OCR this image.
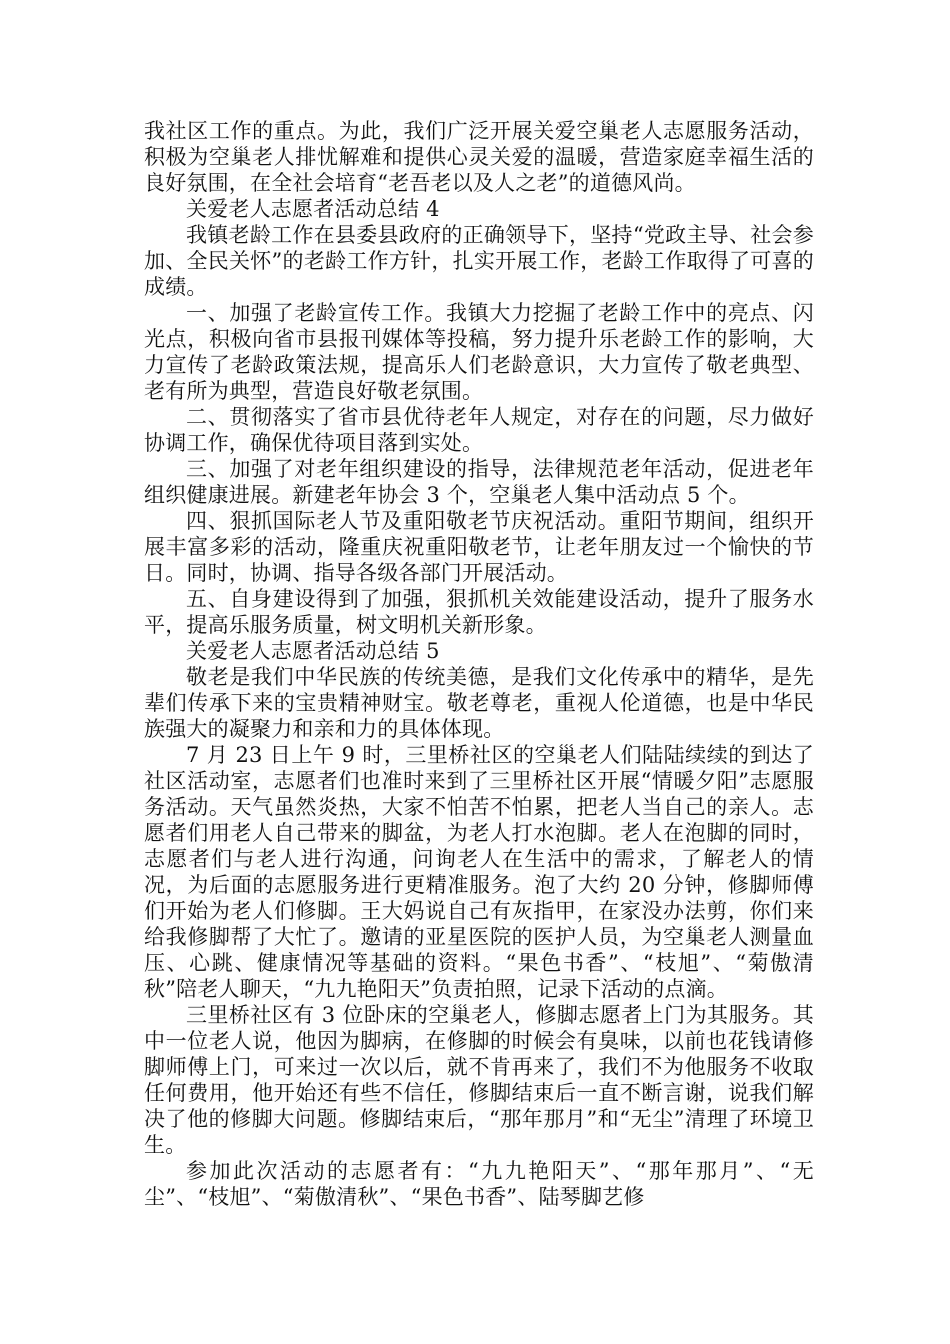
我社区工作的重点。为此，我们广泛开展关爱空巢老人志愿服务活动，积极为空巢老人排忧解难和提供心灵关爱的温暖，营造家庭幸福生活的良好氛围，在全社会培育“老吾老以及人之老”的道德风尚。

关爱老人志愿者活动总结 4

我镇老龄工作在县委县政府的正确领导下，坚持“党政主导、社会参加、全民关怀”的老龄工作方针，扎实开展工作，老龄工作取得了可喜的成绩。

一、加强了老龄宣传工作。我镇大力挖掘了老龄工作中的亮点、闪光点，积极向省市县报刊媒体等投稿，努力提升乐老龄工作的影响，大力宣传了老龄政策法规，提高乐人们老龄意识，大力宣传了敬老典型、老有所为典型，营造良好敬老氛围。

二、贯彻落实了省市县优待老年人规定，对存在的问题，尽力做好协调工作，确保优待项目落到实处。

三、加强了对老年组织建设的指导，法律规范老年活动，促进老年组织健康进展。新建老年协会 3 个，空巢老人集中活动点 5 个。

四、狠抓国际老人节及重阳敬老节庆祝活动。重阳节期间，组织开展丰富多彩的活动，隆重庆祝重阳敬老节，让老年朋友过一个愉快的节日。同时，协调、指导各级各部门开展活动。

五、自身建设得到了加强，狠抓机关效能建设活动，提升了服务水平，提高乐服务质量，树文明机关新形象。

关爱老人志愿者活动总结 5

敬老是我们中华民族的传统美德，是我们文化传承中的精华，是先辈们传承下来的宝贵精神财宝。敬老尊老，重视人伦道德，也是中华民族强大的凝聚力和亲和力的具体体现。

7 月 23 日上午 9 时，三里桥社区的空巢老人们陆陆续续的到达了社区活动室，志愿者们也准时来到了三里桥社区开展“情暖夕阳”志愿服务活动。天气虽然炎热，大家不怕苦不怕累，把老人当自己的亲人。志愿者们用老人自己带来的脚盆，为老人打水泡脚。老人在泡脚的同时，志愿者们与老人进行沟通，问询老人在生活中的需求，了解老人的情况，为后面的志愿服务进行更精准服务。泡了大约 20 分钟，修脚师傅们开始为老人们修脚。王大妈说自己有灰指甲，在家没办法剪，你们来给我修脚帮了大忙了。邀请的亚星医院的医护人员，为空巢老人测量血压、心跳、健康情况等基础的资料。“果色书香”、“枝旭”、“菊傲清秋”陪老人聊天，“九九艳阳天”负责拍照，记录下活动的点滴。

三里桥社区有 3 位卧床的空巢老人，修脚志愿者上门为其服务。其中一位老人说，他因为脚病，在修脚的时候会有臭味，以前也花钱请修脚师傅上门，可来过一次以后，就不肯再来了，我们不为他服务不收取任何费用，他开始还有些不信任，修脚结束后一直不断言谢，说我们解决了他的修脚大问题。修脚结束后，“那年那月”和“无尘”清理了环境卫生。

参加此次活动的志愿者有：“九九艳阳天”、“那年那月”、“无尘”、“枝旭”、“菊傲清秋”、“果色书香”、陆琴脚艺修
